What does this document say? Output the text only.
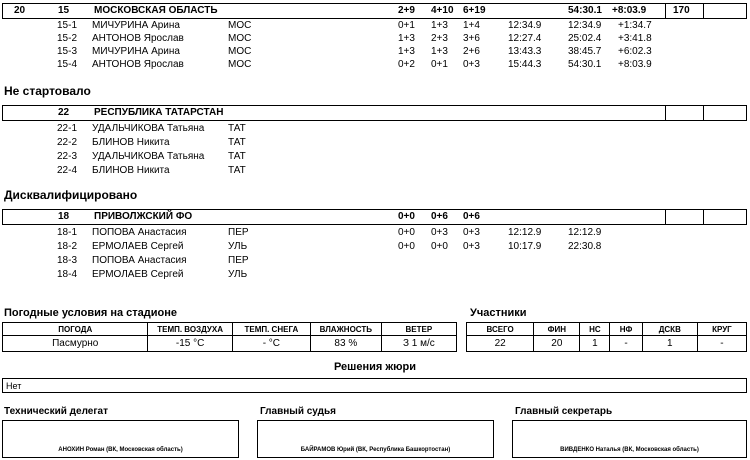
20	15 МОСКОВСКАЯ ОБЛАСТЬ	2+9 4+10 6+19	54:30.1 +8:03.9	170
15-1 МИЧУРИНА Арина	МОС	0+1 1+3 1+4	12:34.9	12:34.9 +1:34.7
15-2 АНТОНОВ Ярослав	МОС	1+3 2+3 3+6	12:27.4	25:02.4 +3:41.8
15-3 МИЧУРИНА Арина	МОС	1+3 1+3 2+6	13:43.3	38:45.7 +6:02.3
15-4 АНТОНОВ Ярослав	МОС	0+2 0+1 0+3	15:44.3	54:30.1 +8:03.9
Не стартовало
22 РЕСПУБЛИКА ТАТАРСТАН
22-1 УДАЛЬЧИКОВА Татьяна ТАТ
22-2 БЛИНОВ Никита	ТАТ
22-3 УДАЛЬЧИКОВА Татьяна ТАТ
22-4 БЛИНОВ Никита	ТАТ
Дисквалифицировано
18 ПРИВОЛЖСКИЙ ФО	0+0 0+6 0+6
18-1 ПОПОВА Анастасия	ПЕР	0+0 0+3 0+3	12:12.9	12:12.9
18-2 ЕРМОЛАЕВ Сергей	УЛЬ	0+0 0+0 0+3	10:17.9	22:30.8
18-3 ПОПОВА Анастасия	ПЕР
18-4 ЕРМОЛАЕВ Сергей	УЛЬ
Погодные условия на стадионе
ПОГОДА	ТЕМП. ВОЗДУХА	ТЕМП. СНЕГА	ВЛАЖНОСТЬ	ВЕТЕР
Пасмурно	-15 °C	- °C	83 %	З 1 м/с
Участники
ВСЕГО	ФИН	НС	НФ	ДСКВ	КРУГ
22	20	1	-	1	-
Решения жюри
Нет
Технический делегат
АНОХИН Роман (ВК, Московская область)
Главный судья
БАЙРАМОВ Юрий (ВК, Республика Башкортостан)
Главный секретарь
ВИВДЕНКО Наталья (ВК, Московская область)
